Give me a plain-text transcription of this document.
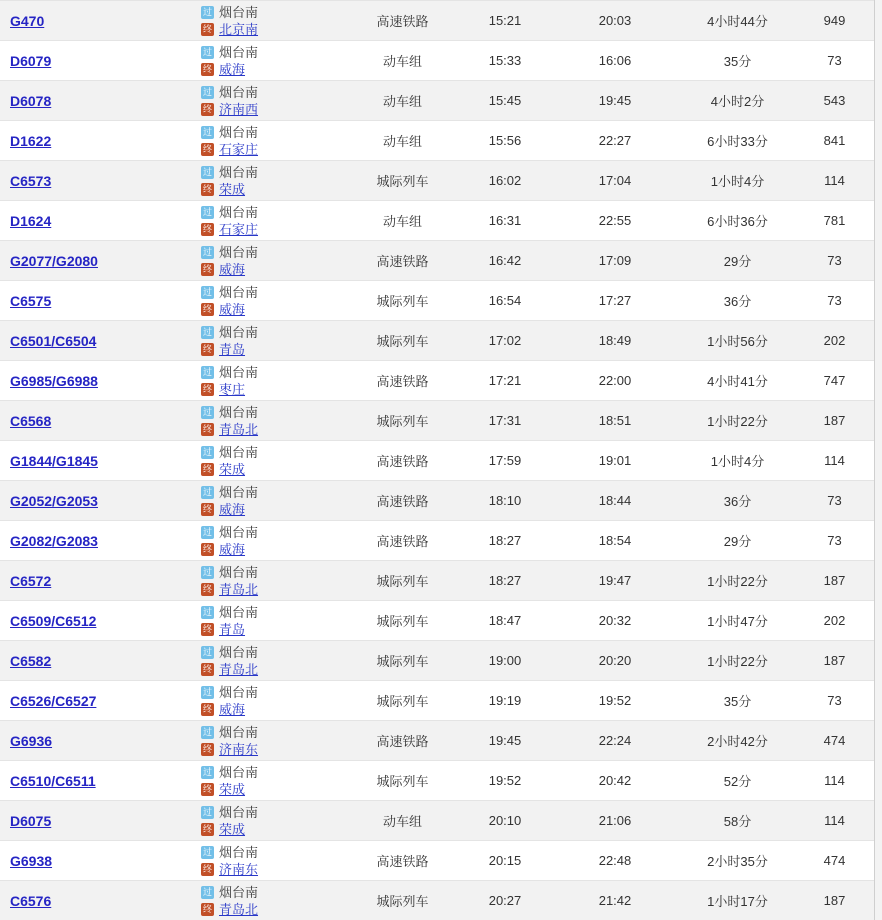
G470
过 烟台南
终 北京南	高速铁路	15:21	20:03	4小时44分	949
D6079
过 烟台南
终 威海	动车组	15:33	16:06	35分	73
D6078
过 烟台南
终 济南西	动车组	15:45	19:45	4小时2分	543
D1622
过 烟台南
终 石家庄	动车组	15:56	22:27	6小时33分	841
C6573
过 烟台南
终 荣成	城际列车	16:02	17:04	1小时4分	114
D1624
过 烟台南
终 石家庄	动车组	16:31	22:55	6小时36分	781
G2077/G2080
过 烟台南
终 威海	高速铁路	16:42	17:09	29分	73
C6575
过 烟台南
终 威海	城际列车	16:54	17:27	36分	73
C6501/C6504
过 烟台南
终 青岛	城际列车	17:02	18:49	1小时56分	202
G6985/G6988
过 烟台南
终 枣庄	高速铁路	17:21	22:00	4小时41分	747
C6568
过 烟台南
终 青岛北	城际列车	17:31	18:51	1小时22分	187
G1844/G1845
过 烟台南
终 荣成	高速铁路	17:59	19:01	1小时4分	114
G2052/G2053
过 烟台南
终 威海	高速铁路	18:10	18:44	36分	73
G2082/G2083
过 烟台南
终 威海	高速铁路	18:27	18:54	29分	73
C6572
过 烟台南
终 青岛北	城际列车	18:27	19:47	1小时22分	187
C6509/C6512
过 烟台南
终 青岛	城际列车	18:47	20:32	1小时47分	202
C6582
过 烟台南
终 青岛北	城际列车	19:00	20:20	1小时22分	187
C6526/C6527
过 烟台南
终 威海	城际列车	19:19	19:52	35分	73
G6936
过 烟台南
终 济南东	高速铁路	19:45	22:24	2小时42分	474
C6510/C6511
过 烟台南
终 荣成	城际列车	19:52	20:42	52分	114
D6075
过 烟台南
终 荣成	动车组	20:10	21:06	58分	114
G6938
过 烟台南
终 济南东	高速铁路	20:15	22:48	2小时35分	474
C6576
过 烟台南
终 青岛北	城际列车	20:27	21:42	1小时17分	187
